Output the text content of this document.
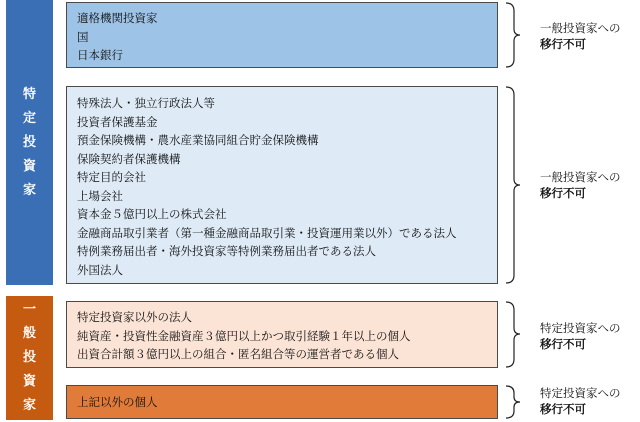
特
定
投
資
家
一
般
投
資
家
適格機関投資家
国
日本銀行
特殊法人・独立行政法人等
投資者保護基金
預金保険機構・農水産業協同組合貯金保険機構
保険契約者保護機構
特定目的会社
上場会社
資本金５億円以上の株式会社
金融商品取引業者（第一種金融商品取引業・投資運用業以外）である法人
特例業務届出者・海外投資家等特例業務届出者である法人
外国法人
特定投資家以外の法人
純資産・投資性金融資産３億円以上かつ取引経験１年以上の個人
出資合計額３億円以上の組合・匿名組合等の運営者である個人
上記以外の個人
一般投資家への
移行不可
一般投資家への
移行不可
特定投資家への
移行不可
特定投資家への
移行不可
